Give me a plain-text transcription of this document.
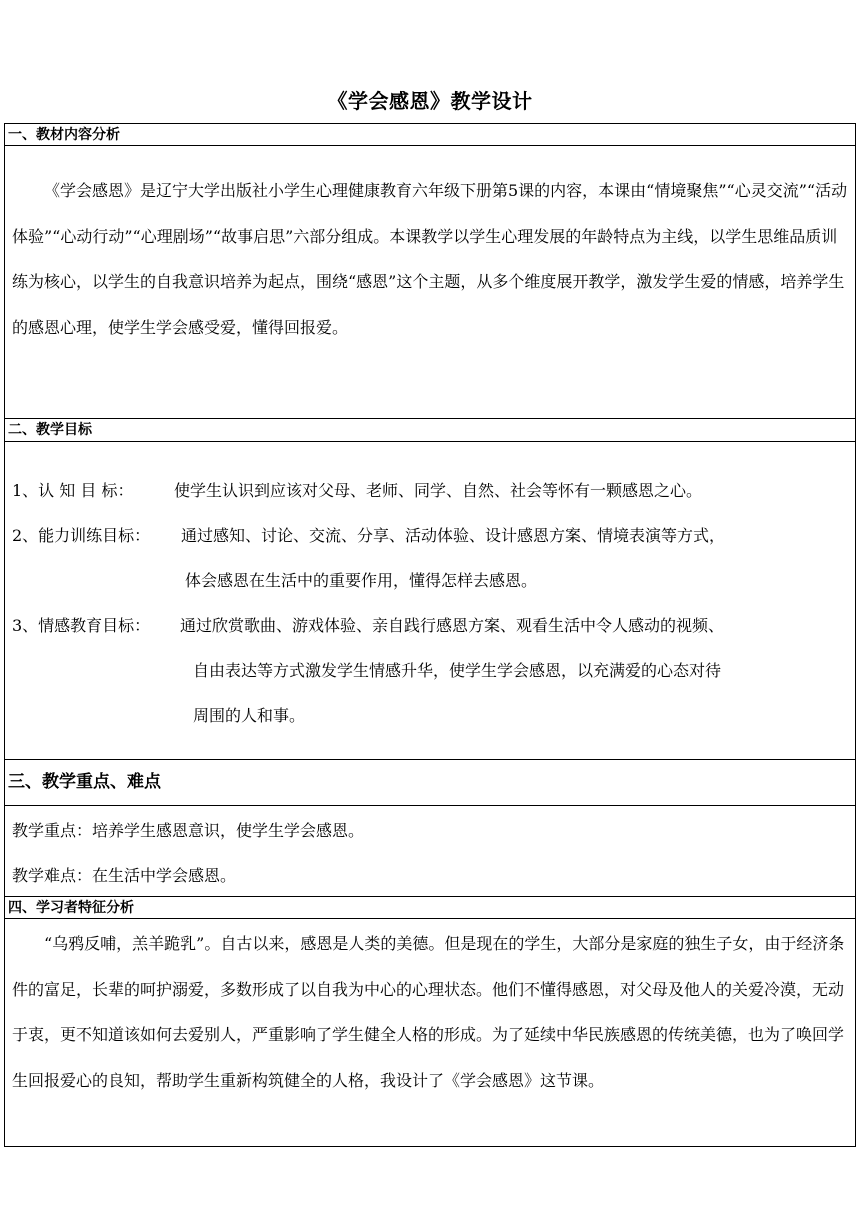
《学会感恩》教学设计
一、教材内容分析

《学会感恩》是辽宁大学出版社小学生心理健康教育六年级下册第5课的内容，本课由“情境聚焦”“心灵交流”“活动体验”“心动行动”“心理剧场”“故事启思”六部分组成。本课教学以学生心理发展的年龄特点为主线，以学生思维品质训练为核心，以学生的自我意识培养为起点，围绕“感恩”这个主题，从多个维度展开教学，激发学生爱的情感，培养学生的感恩心理，使学生学会感受爱，懂得回报爱。

二、教学目标
1、认 知 目 标：	使学生认识到应该对父母、老师、同学、自然、社会等怀有一颗感恩之心。
2、能力训练目标： 通过感知、讨论、交流、分享、活动体验、设计感恩方案、情境表演等方式，
体会感恩在生活中的重要作用，懂得怎样去感恩。
3、情感教育目标： 通过欣赏歌曲、游戏体验、亲自践行感恩方案、观看生活中令人感动的视频、
自由表达等方式激发学生情感升华，使学生学会感恩，以充满爱的心态对待
周围的人和事。
三、教学重点、难点
教学重点：培养学生感恩意识，使学生学会感恩。
教学难点：在生活中学会感恩。
四、学习者特征分析

“乌鸦反哺，羔羊跪乳”。自古以来，感恩是人类的美德。但是现在的学生，大部分是家庭的独生子女，由于经济条件的富足，长辈的呵护溺爱，多数形成了以自我为中心的心理状态。他们不懂得感恩，对父母及他人的关爱冷漠，无动于衷，更不知道该如何去爱别人，严重影响了学生健全人格的形成。为了延续中华民族感恩的传统美德，也为了唤回学生回报爱心的良知，帮助学生重新构筑健全的人格，我设计了《学会感恩》这节课。
